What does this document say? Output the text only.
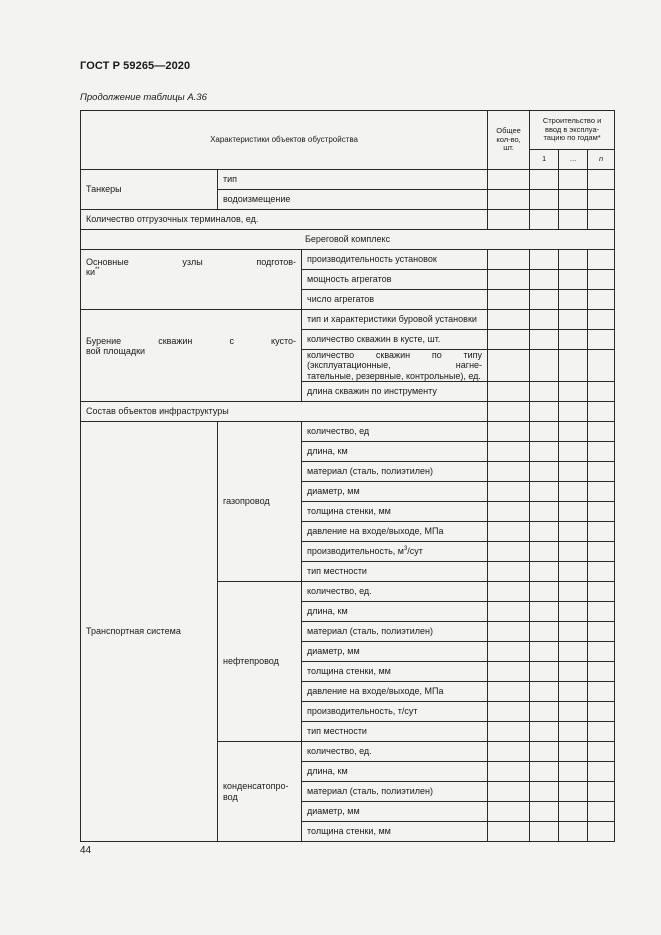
ГОСТ Р 59265—2020
Продолжение таблицы А.36
Характеристики объектов обустройства			Общее
кол-во,
шт.	Строительство и
ввод в эксплуа-
тацию по годам*		
				1	...	n
Танкеры	тип					
	водоизмещение					
Количество отгрузочных терминалов, ед.						
Береговой комплекс						

Основные узлы подготов-
ки**		производительность установок				
		мощность агрегатов				
		число агрегатов				

Бурение скважин с кусто-
вой площадки		тип и характеристики буровой установки				
		количество скважин в кусте, шт.				

		количество скважин по типу (эксплуатационные, нагне-
тательные, резервные, контрольные), ед.				
		длина скважин по инструменту				
Состав объектов инфраструктуры						
Транспортная система	газопровод	количество, ед				
		длина, км				
		материал (сталь, полиэтилен)				
		диаметр, мм				
		толщина стенки, мм				
		давление на входе/выходе, МПа				
		производительность, $м^3$/сут				
		тип местности				
	нефтепровод	количество, ед.				
		длина, км				
		материал (сталь, полиэтилен)				
		диаметр, мм				
		толщина стенки, мм				
		давление на входе/выходе, МПа				
		производительность, т/сут				
		тип местности				
	конденсатопро-
вод	количество, ед.				
		длина, км				
		материал (сталь, полиэтилен)				
		диаметр, мм				
		толщина стенки, мм				
44
